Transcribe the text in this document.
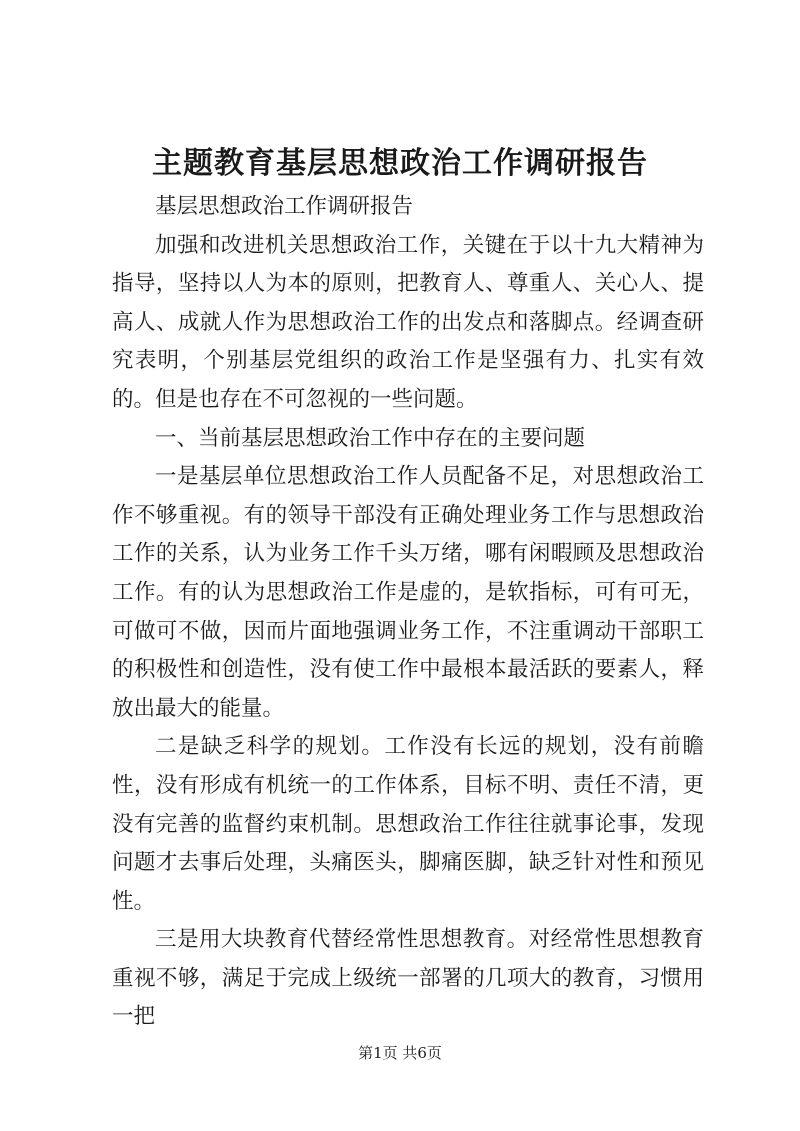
主题教育基层思想政治工作调研报告

基层思想政治工作调研报告

加强和改进机关思想政治工作，关键在于以十九大精神为指导，坚持以人为本的原则，把教育人、尊重人、关心人、提高人、成就人作为思想政治工作的出发点和落脚点。经调查研究表明，个别基层党组织的政治工作是坚强有力、扎实有效的。但是也存在不可忽视的一些问题。

一、当前基层思想政治工作中存在的主要问题

一是基层单位思想政治工作人员配备不足，对思想政治工作不够重视。有的领导干部没有正确处理业务工作与思想政治工作的关系，认为业务工作千头万绪，哪有闲暇顾及思想政治工作。有的认为思想政治工作是虚的，是软指标，可有可无，可做可不做，因而片面地强调业务工作，不注重调动干部职工的积极性和创造性，没有使工作中最根本最活跃的要素人，释放出最大的能量。

二是缺乏科学的规划。工作没有长远的规划，没有前瞻性，没有形成有机统一的工作体系，目标不明、责任不清，更没有完善的监督约束机制。思想政治工作往往就事论事，发现问题才去事后处理，头痛医头，脚痛医脚，缺乏针对性和预见性。

三是用大块教育代替经常性思想教育。对经常性思想教育重视不够，满足于完成上级统一部署的几项大的教育，习惯用一把

第1页 共6页
